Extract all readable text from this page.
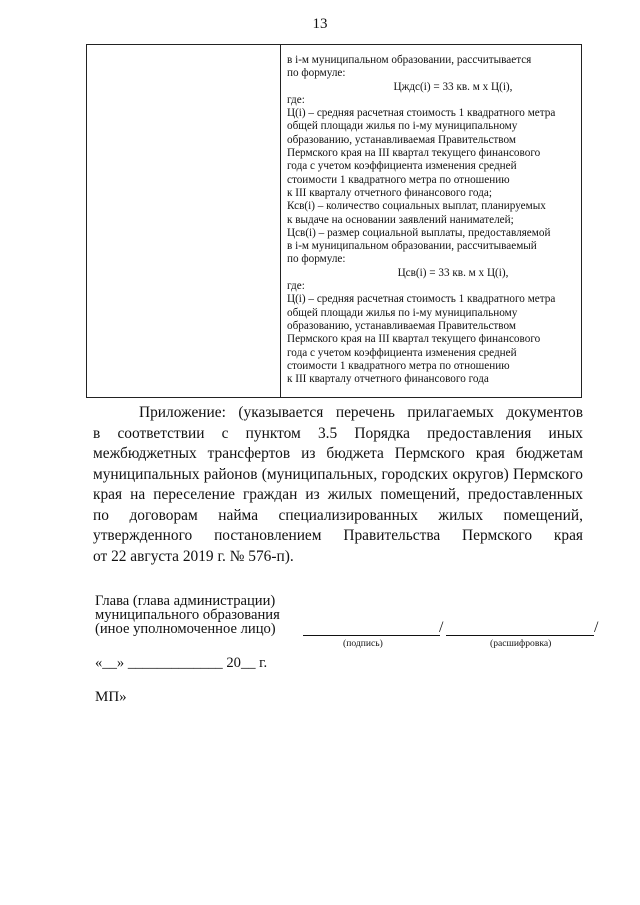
13
в i-м муниципальном образовании, рассчитывается
по формуле:
Цждс(i) = 33 кв. м х Ц(i),
где:
Ц(i) – средняя расчетная стоимость 1 квадратного метра
общей площади жилья по i-му муниципальному
образованию, устанавливаемая Правительством
Пермского края на III квартал текущего финансового
года с учетом коэффициента изменения средней
стоимости 1 квадратного метра по отношению
к III кварталу отчетного финансового года;
Ксв(i) – количество социальных выплат, планируемых
к выдаче на основании заявлений нанимателей;
Цсв(i) – размер социальной выплаты, предоставляемой
в i-м муниципальном образовании, рассчитываемый
по формуле:
Цсв(i) = 33 кв. м х Ц(i),
где:
Ц(i) – средняя расчетная стоимость 1 квадратного метра
общей площади жилья по i-му муниципальному
образованию, устанавливаемая Правительством
Пермского края на III квартал текущего финансового
года с учетом коэффициента изменения средней
стоимости 1 квадратного метра по отношению
к III кварталу отчетного финансового года
Приложение: (указывается перечень прилагаемых документов
в соответствии с пунктом 3.5 Порядка предоставления иных
межбюджетных трансфертов из бюджета Пермского края бюджетам
муниципальных районов (муниципальных, городских округов) Пермского
края на переселение граждан из жилых помещений, предоставленных
по договорам найма специализированных жилых помещений,
утвержденного постановлением Правительства Пермского края
от 22 августа 2019 г. № 576-п).
Глава (глава администрации)
муниципального образования
(иное уполномоченное лицо)	/	/
(подпись)	(расшифровка)
«__» _____________ 20__ г.
МП»
